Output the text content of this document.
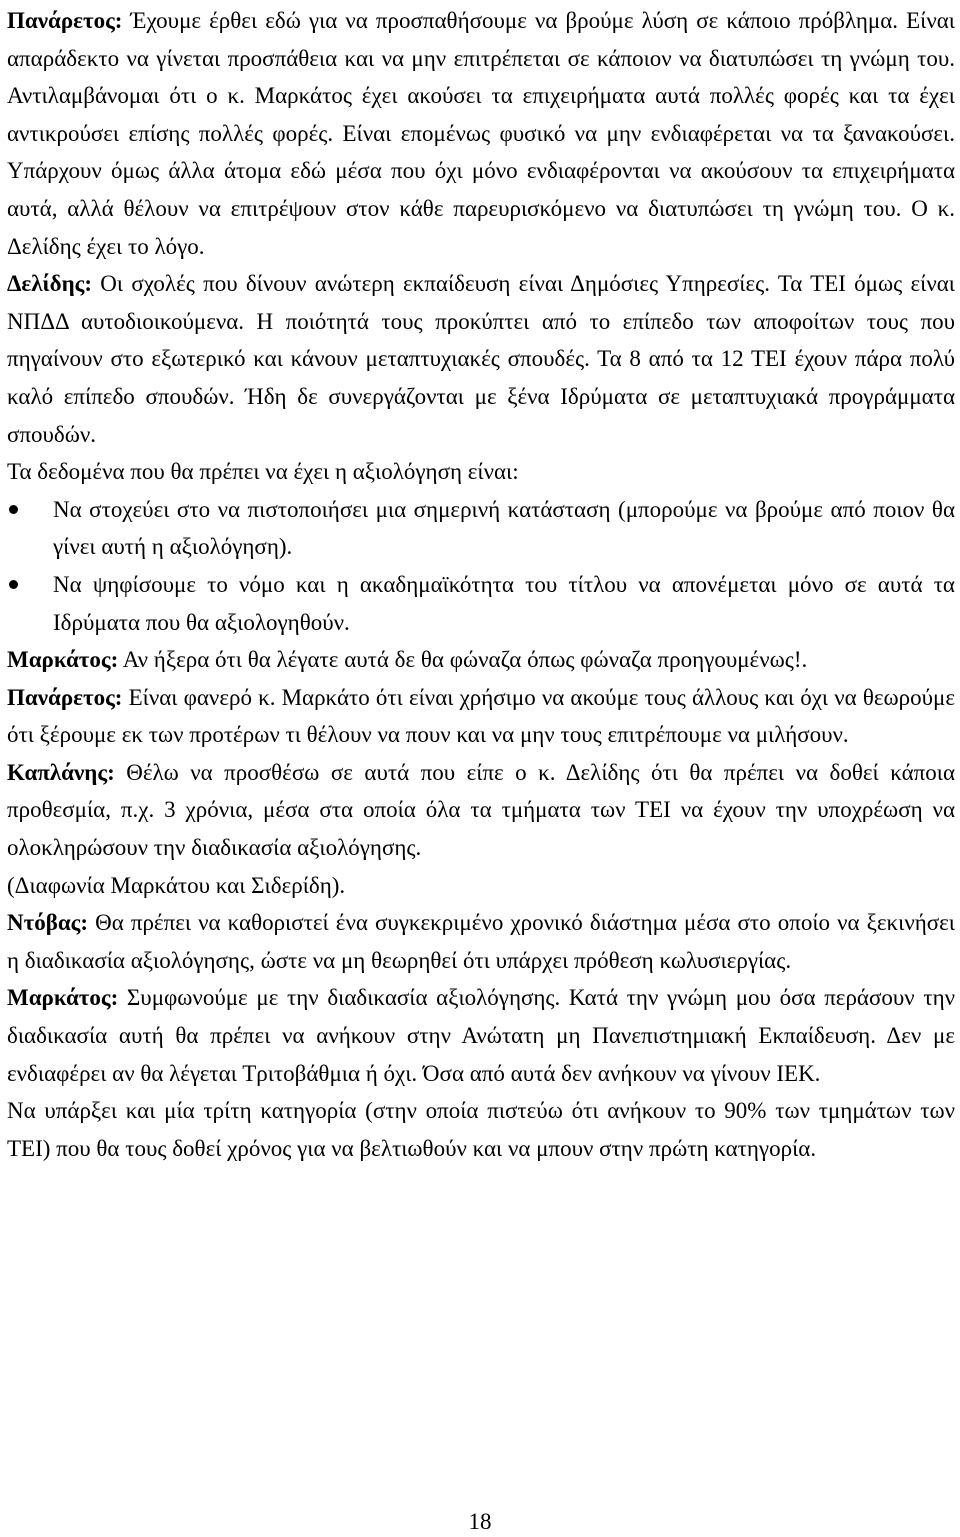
Πανάρετος: Έχουμε έρθει εδώ για να προσπαθήσουμε να βρούμε λύση σε κάποιο πρόβλημα. Είναι απαράδεκτο να γίνεται προσπάθεια και να μην επιτρέπεται σε κάποιον να διατυπώσει τη γνώμη του. Αντιλαμβάνομαι ότι ο κ. Μαρκάτος έχει ακούσει τα επιχειρήματα αυτά πολλές φορές και τα έχει αντικρούσει επίσης πολλές φορές. Είναι επομένως φυσικό να μην ενδιαφέρεται να τα ξανακούσει. Υπάρχουν όμως άλλα άτομα εδώ μέσα που όχι μόνο ενδιαφέρονται να ακούσουν τα επιχειρήματα αυτά, αλλά θέλουν να επιτρέψουν στον κάθε παρευρισκόμενο να διατυπώσει τη γνώμη του. Ο κ. Δελίδης έχει το λόγο.

Δελίδης: Οι σχολές που δίνουν ανώτερη εκπαίδευση είναι Δημόσιες Υπηρεσίες. Τα ΤΕΙ όμως είναι ΝΠΔΔ αυτοδιοικούμενα. Η ποιότητά τους προκύπτει από το επίπεδο των αποφοίτων τους που πηγαίνουν στο εξωτερικό και κάνουν μεταπτυχιακές σπουδές. Τα 8 από τα 12 ΤΕΙ έχουν πάρα πολύ καλό επίπεδο σπουδών. Ήδη δε συνεργάζονται με ξένα Ιδρύματα σε μεταπτυχιακά προγράμματα σπουδών.

Τα δεδομένα που θα πρέπει να έχει η αξιολόγηση είναι:

Να στοχεύει στο να πιστοποιήσει μια σημερινή κατάσταση (μπορούμε να βρούμε από ποιον θα γίνει αυτή η αξιολόγηση).
Να ψηφίσουμε το νόμο και η ακαδημαϊκότητα του τίτλου να απονέμεται μόνο σε αυτά τα Ιδρύματα που θα αξιολογηθούν.

Μαρκάτος: Αν ήξερα ότι θα λέγατε αυτά δε θα φώναζα όπως φώναζα προηγουμένως!.

Πανάρετος: Είναι φανερό κ. Μαρκάτο ότι είναι χρήσιμο να ακούμε τους άλλους και όχι να θεωρούμε ότι ξέρουμε εκ των προτέρων τι θέλουν να πουν και να μην τους επιτρέπουμε να μιλήσουν.

Καπλάνης: Θέλω να προσθέσω σε αυτά που είπε ο κ. Δελίδης ότι θα πρέπει να δοθεί κάποια προθεσμία, π.χ. 3 χρόνια, μέσα στα οποία όλα τα τμήματα των ΤΕΙ να έχουν την υποχρέωση να ολοκληρώσουν την διαδικασία αξιολόγησης.

(Διαφωνία Μαρκάτου και Σιδερίδη).

Ντόβας: Θα πρέπει να καθοριστεί ένα συγκεκριμένο χρονικό διάστημα μέσα στο οποίο να ξεκινήσει η διαδικασία αξιολόγησης, ώστε να μη θεωρηθεί ότι υπάρχει πρόθεση κωλυσιεργίας.

Μαρκάτος: Συμφωνούμε με την διαδικασία αξιολόγησης. Κατά την γνώμη μου όσα περάσουν την διαδικασία αυτή θα πρέπει να ανήκουν στην Ανώτατη μη Πανεπιστημιακή Εκπαίδευση. Δεν με ενδιαφέρει αν θα λέγεται Τριτοβάθμια ή όχι. Όσα από αυτά δεν ανήκουν να γίνουν ΙΕΚ.

Να υπάρξει και μία τρίτη κατηγορία (στην οποία πιστεύω ότι ανήκουν το 90% των τμημάτων των ΤΕΙ) που θα τους δοθεί χρόνος για να βελτιωθούν και να μπουν στην πρώτη κατηγορία.

18
